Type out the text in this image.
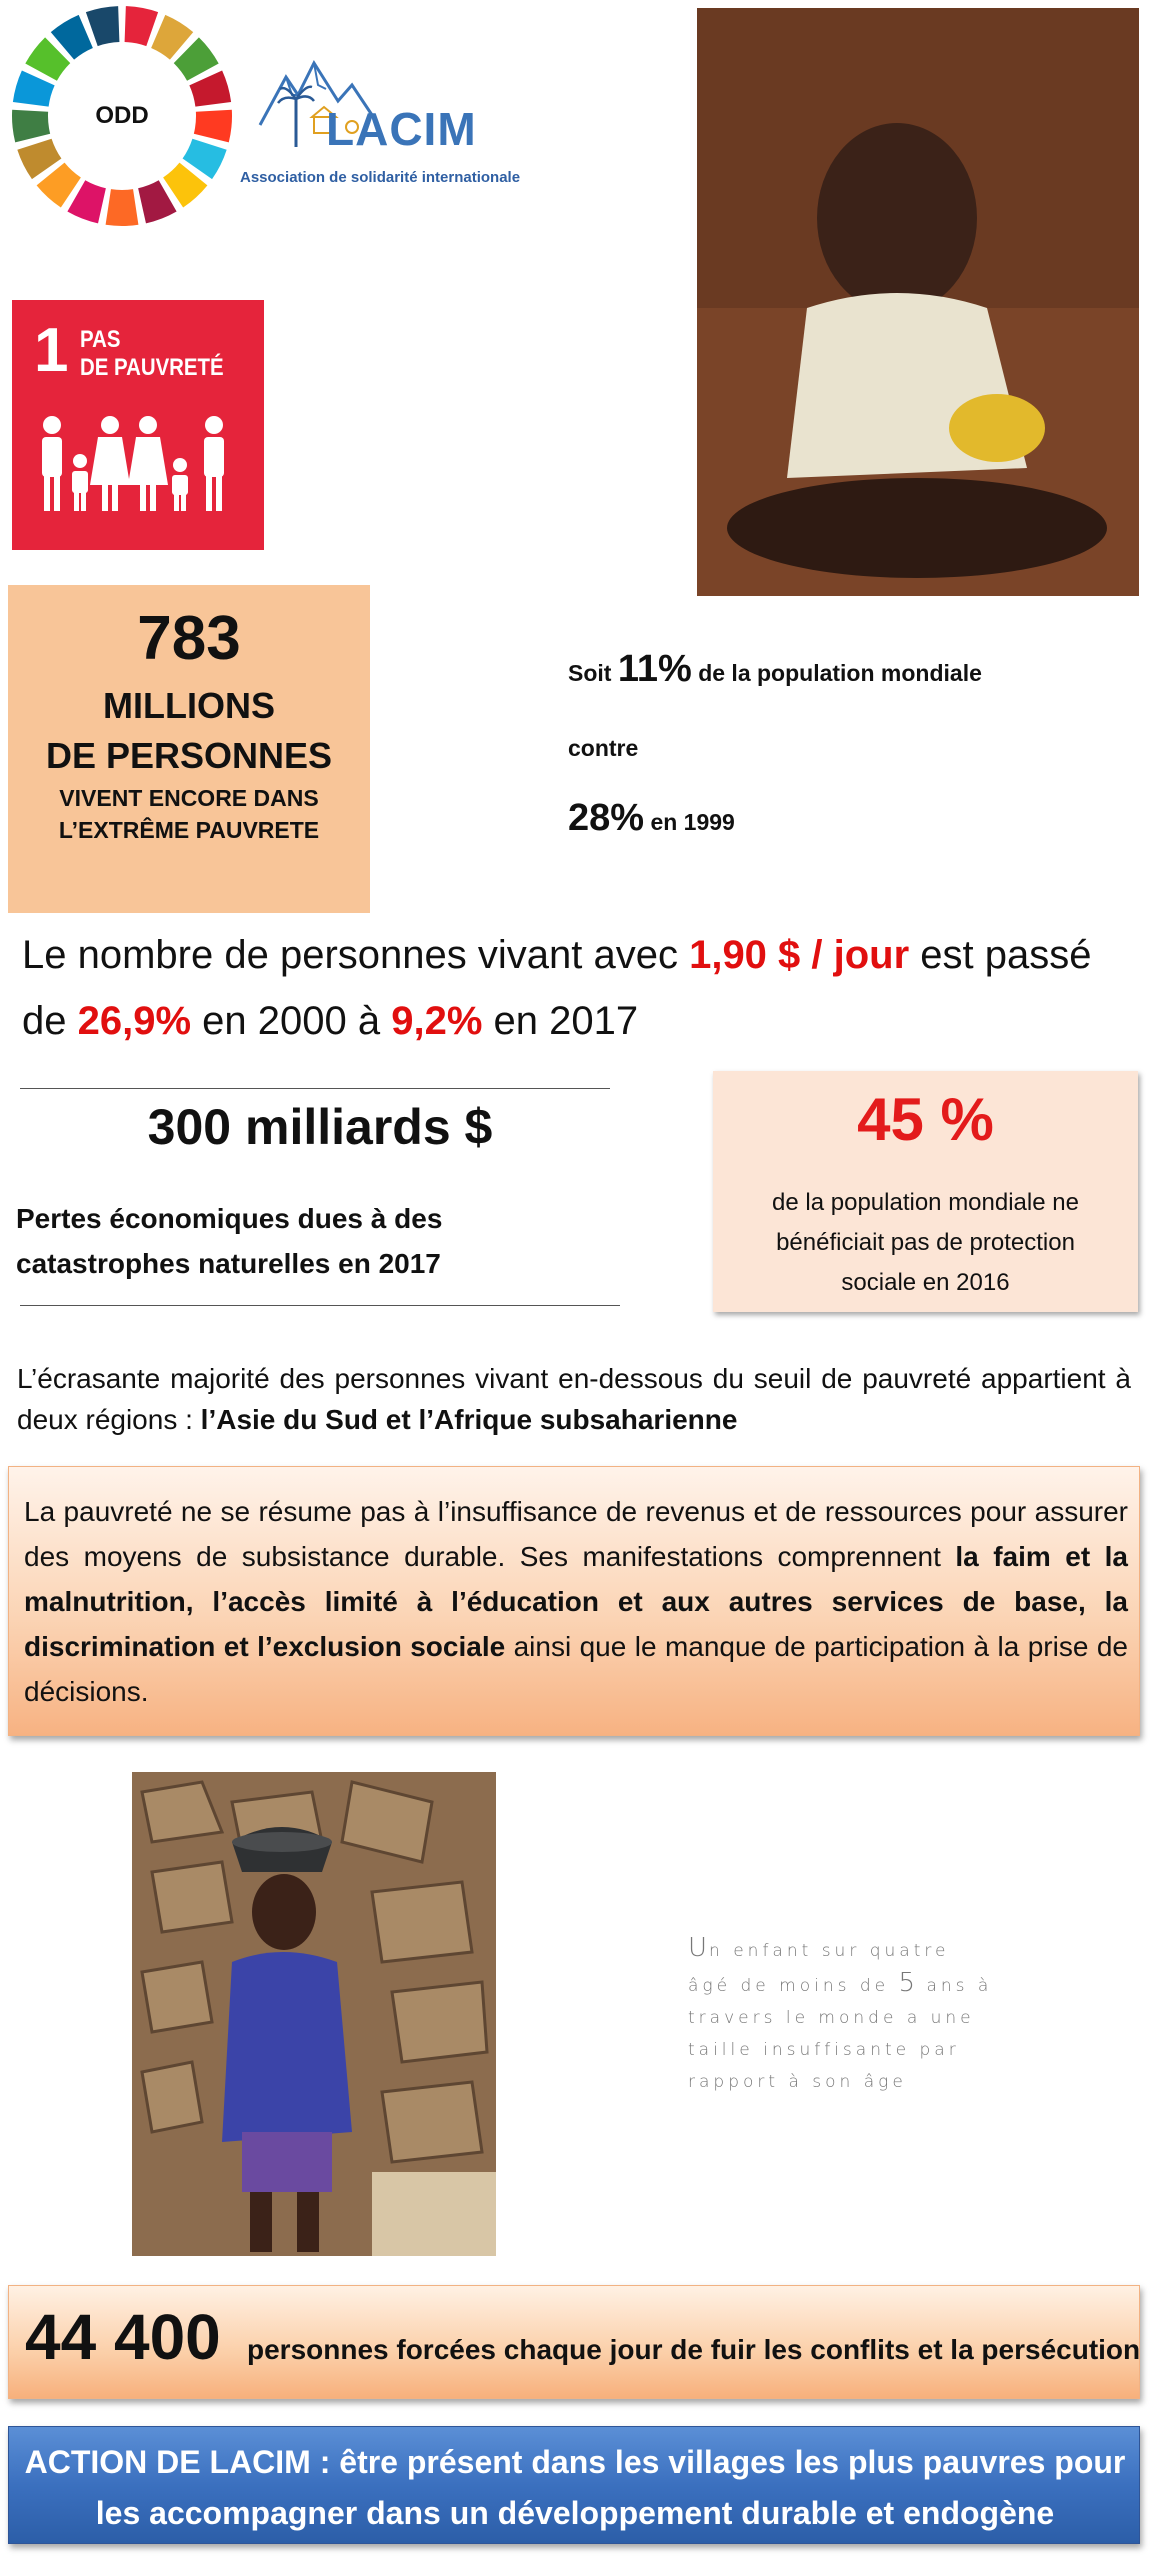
ODD	LACIM
Association de solidarité internationale
1 PAS
DE PAUVRETÉ
783
MILLIONS
DE PERSONNES
VIVENT ENCORE DANS
L’EXTRÊME PAUVRETE
Soit 11% de la population mondiale
contre
28% en 1999
Le nombre de personnes vivant avec 1,90 $ / jour est passé de 26,9% en 2000 à 9,2% en 2017
300 milliards $
Pertes économiques dues à des catastrophes naturelles en 2017
45 %
de la population mondiale ne bénéficiait pas de protection sociale en 2016
L’écrasante majorité des personnes vivant en-dessous du seuil de pauvreté appartient à deux régions : l’Asie du Sud et l’Afrique subsaharienne
La pauvreté ne se résume pas à l’insuffisance de revenus et de ressources pour assurer des moyens de subsistance durable. Ses manifestations comprennent la faim et la malnutrition, l’accès limité à l’éducation et aux autres services de base, la discrimination et l’exclusion sociale ainsi que le manque de participation à la prise de décisions.
Un enfant sur quatre
âgé de moins de 5 ans à
travers le monde a une
taille insuffisante par
rapport à son âge
44 400 personnes forcées chaque jour de fuir les conflits et la persécution
ACTION DE LACIM : être présent dans les villages les plus pauvres pour les accompagner dans un développement durable et endogène
